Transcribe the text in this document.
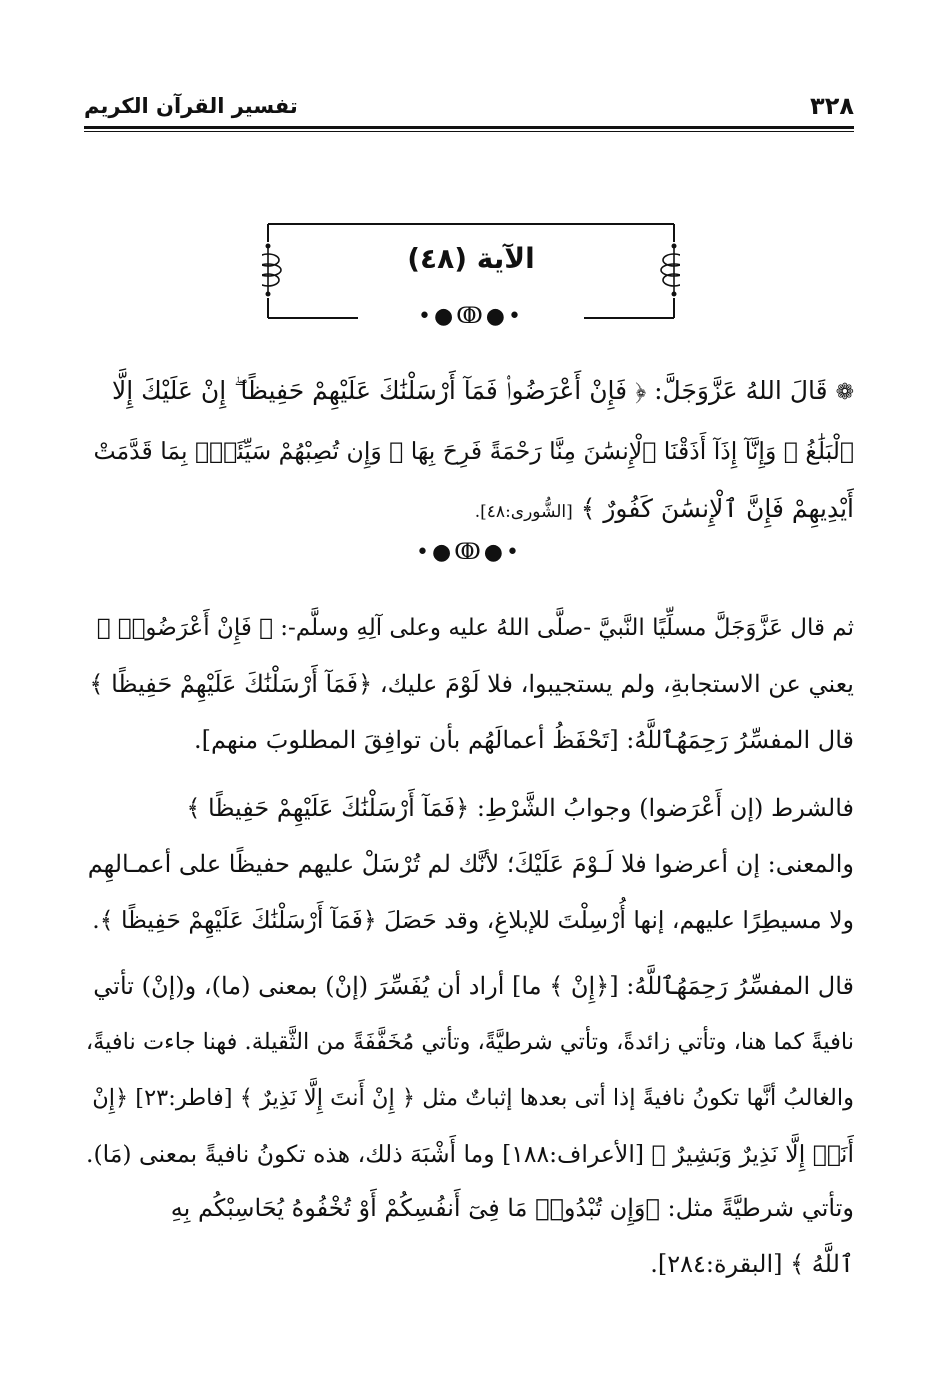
٣٢٨
تفسير القرآن الكريم
الآية (٤٨)
•●ↂ●•
❁قَالَ اللهُ عَزَّوَجَلَّ: ﴿ فَإِنْ أَعْرَضُوا۟ فَمَآ أَرْسَلْنَٰكَ عَلَيْهِمْ حَفِيظًا ۖ إِنْ عَلَيْكَ إِلَّا
ٱلْبَلَٰغُ ۗ وَإِنَّآ إِذَآ أَذَقْنَا ٱلْإِنسَٰنَ مِنَّا رَحْمَةً فَرِحَ بِهَا ۖ وَإِن تُصِبْهُمْ سَيِّئَةٌۢ بِمَا قَدَّمَتْ
أَيْدِيهِمْ فَإِنَّ ٱلْإِنسَٰنَ كَفُورٌ ﴾ [الشُّورى:٤٨].
•●ↂ●•
ثم قال عَزَّوَجَلَّ مسلِّيًا النَّبيَّ -صلَّى اللهُ عليه وعلى آلِهِ وسلَّم-: ﴿ فَإِنْ أَعْرَضُوا۟ ﴾
يعني عن الاستجابةِ، ولم يستجيبوا، فلا لَوْمَ عليك، ﴿فَمَآ أَرْسَلْنَٰكَ عَلَيْهِمْ حَفِيظًا ﴾
قال المفسِّرُ رَحِمَهُٱللَّهُ: [تَحْفَظُ أعمالَهُم بأن توافِقَ المطلوبَ منهم].
فالشرط (إن أَعْرَضوا) وجوابُ الشَّرْطِ: ﴿فَمَآ أَرْسَلْنَٰكَ عَلَيْهِمْ حَفِيظًا ﴾
والمعنى: إن أعرضوا فلا لَـوْمَ عَلَيْكَ؛ لأنَّك لم تُرْسَلْ عليهم حفيظًا على أعمـالهِم
ولا مسيطِرًا عليهم، إنها أُرْسِلْتَ للإبلاغِ، وقد حَصَلَ ﴿فَمَآ أَرْسَلْنَٰكَ عَلَيْهِمْ حَفِيظًا ﴾.
قال المفسِّرُ رَحِمَهُٱللَّهُ: [﴿إِنْ ﴾ ما] أراد أن يُفَسِّرَ (إنْ) بمعنى (ما)، و(إنْ) تأتي
نافيةً كما هنا، وتأتي زائدةً، وتأتي شرطيَّةً، وتأتي مُخَفَّفَةً من الثَّقيلة. فهنا جاءت نافيةً،
والغالبُ أنَّها تكونُ نافيةً إذا أتى بعدها إثباتٌ مثل ﴿ إِنْ أَنتَ إِلَّا نَذِيرٌ ﴾ [فاطر:٢٣] ﴿إِنْ
أَنَا۠ إِلَّا نَذِيرٌ وَبَشِيرٌ ﴾ [الأعراف:١٨٨] وما أَشْبَهَ ذلك، هذه تكونُ نافيةً بمعنى (مَا).
وتأتي شرطيَّةً مثل: ﴿وَإِن تُبْدُوا۟ مَا فِىٓ أَنفُسِكُمْ أَوْ تُخْفُوهُ يُحَاسِبْكُم بِهِ
ٱللَّهُ ﴾ [البقرة:٢٨٤].
